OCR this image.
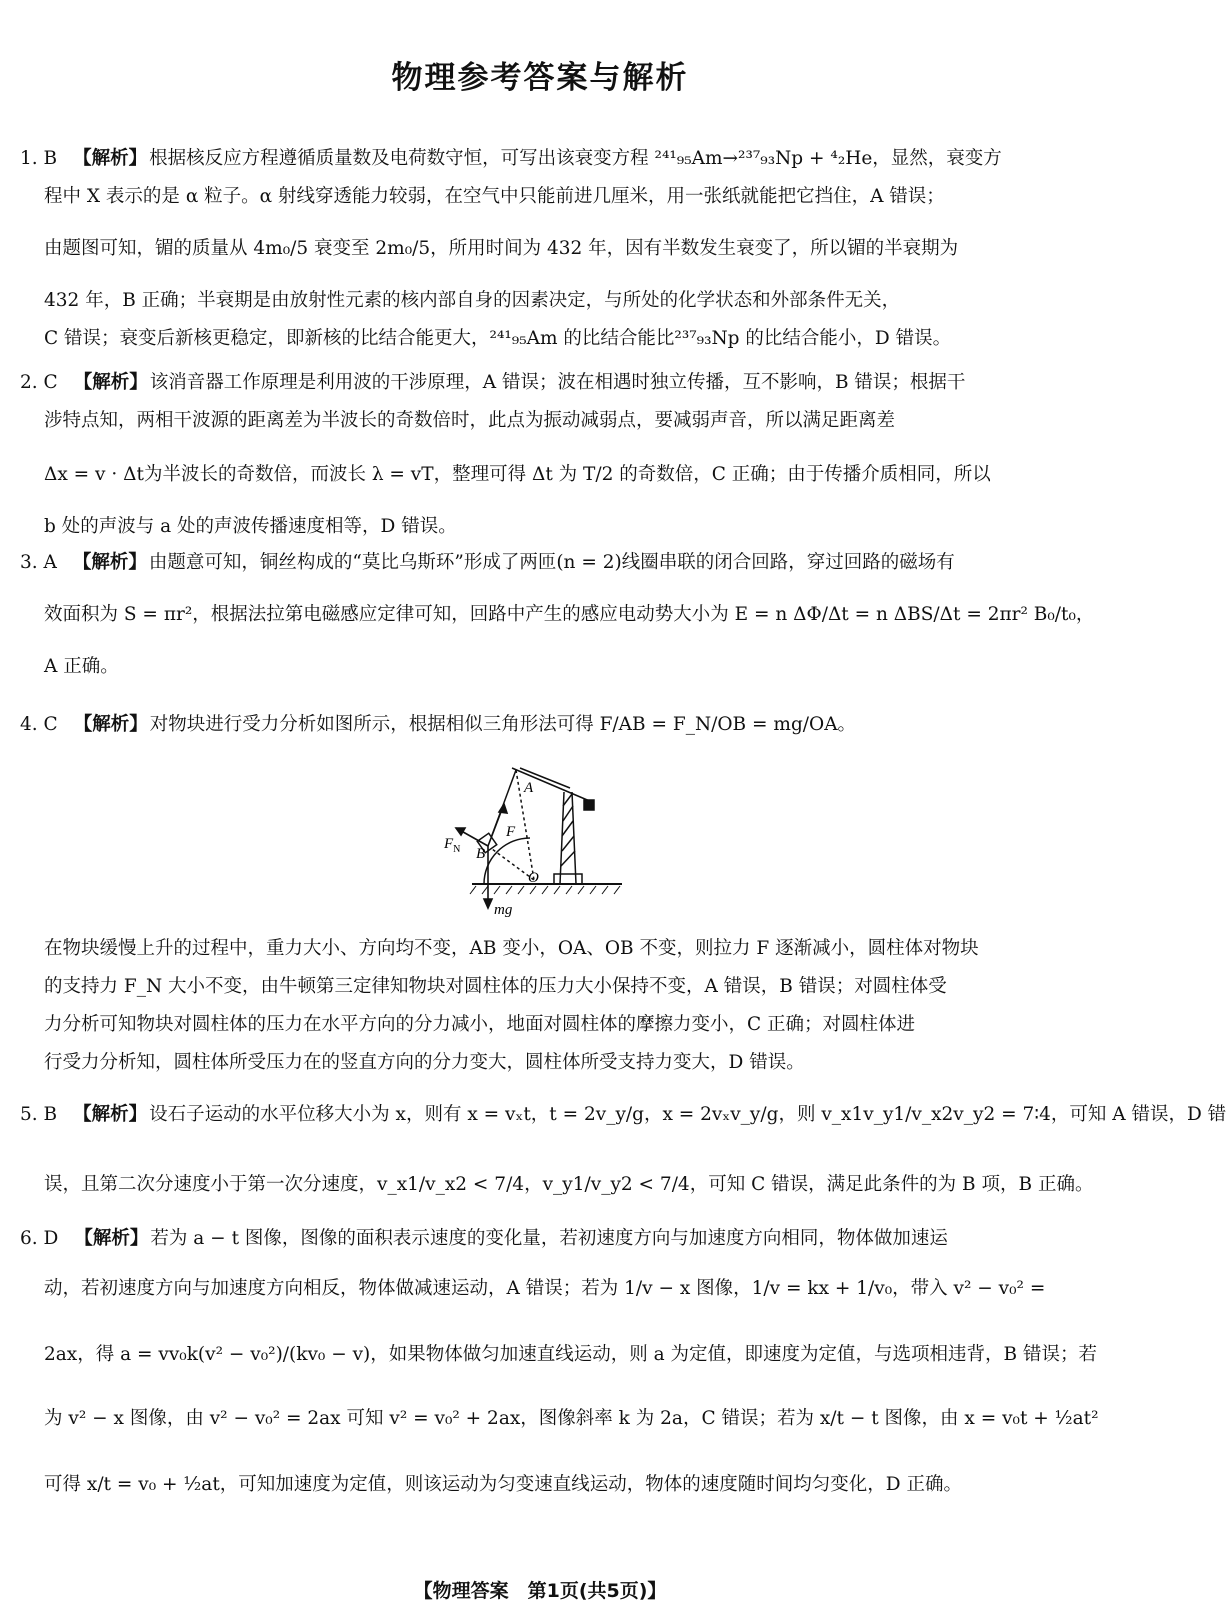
物理参考答案与解析
1. B 【解析】 根据核反应方程遵循质量数及电荷数守恒，可写出该衰变方程 ²⁴¹₉₅Am→²³⁷₉₃Np + ⁴₂He，显然，衰变方
程中 X 表示的是 α 粒子。α 射线穿透能力较弱，在空气中只能前进几厘米，用一张纸就能把它挡住，A 错误；
由题图可知，镅的质量从 4m₀/5 衰变至 2m₀/5，所用时间为 432 年，因有半数发生衰变了，所以镅的半衰期为
432 年，B 正确；半衰期是由放射性元素的核内部自身的因素决定，与所处的化学状态和外部条件无关，
C 错误；衰变后新核更稳定，即新核的比结合能更大，²⁴¹₉₅Am 的比结合能比²³⁷₉₃Np 的比结合能小，D 错误。
2. C 【解析】 该消音器工作原理是利用波的干涉原理，A 错误；波在相遇时独立传播，互不影响，B 错误；根据干
涉特点知，两相干波源的距离差为半波长的奇数倍时，此点为振动减弱点，要减弱声音，所以满足距离差
Δx = v · Δt为半波长的奇数倍，而波长 λ = vT，整理可得 Δt 为 T/2 的奇数倍，C 正确；由于传播介质相同，所以
b 处的声波与 a 处的声波传播速度相等，D 错误。
3. A 【解析】 由题意可知，铜丝构成的“莫比乌斯环”形成了两匝(n = 2)线圈串联的闭合回路，穿过回路的磁场有
效面积为 S = πr²，根据法拉第电磁感应定律可知，回路中产生的感应电动势大小为 E = n ΔΦ/Δt = n ΔBS/Δt = 2πr² B₀/t₀，
A 正确。
4. C 【解析】 对物块进行受力分析如图所示，根据相似三角形法可得 F/AB = F_N/OB = mg/OA。
A
B
O
F
$F_N$
mg
在物块缓慢上升的过程中，重力大小、方向均不变，AB 变小，OA、OB 不变，则拉力 F 逐渐减小，圆柱体对物块
的支持力 F_N 大小不变，由牛顿第三定律知物块对圆柱体的压力大小保持不变，A 错误，B 错误；对圆柱体受
力分析可知物块对圆柱体的压力在水平方向的分力减小，地面对圆柱体的摩擦力变小，C 正确；对圆柱体进
行受力分析知，圆柱体所受压力在的竖直方向的分力变大，圆柱体所受支持力变大，D 错误。
5. B 【解析】 设石子运动的水平位移大小为 x，则有 x = vₓt，t = 2v_y/g，x = 2vₓv_y/g，则 v_x1v_y1/v_x2v_y2 = 7∶4，可知 A 错误，D 错
误，且第二次分速度小于第一次分速度，v_x1/v_x2 < 7/4，v_y1/v_y2 < 7/4，可知 C 错误，满足此条件的为 B 项，B 正确。
6. D 【解析】 若为 a − t 图像，图像的面积表示速度的变化量，若初速度方向与加速度方向相同，物体做加速运
动，若初速度方向与加速度方向相反，物体做减速运动，A 错误；若为 1/v − x 图像，1/v = kx + 1/v₀，带入 v² − v₀² =
2ax，得 a = vv₀k(v² − v₀²)/(kv₀ − v)，如果物体做匀加速直线运动，则 a 为定值，即速度为定值，与选项相违背，B 错误；若
为 v² − x 图像，由 v² − v₀² = 2ax 可知 v² = v₀² + 2ax，图像斜率 k 为 2a，C 错误；若为 x/t − t 图像，由 x = v₀t + ½at²
可得 x/t = v₀ + ½at，可知加速度为定值，则该运动为匀变速直线运动，物体的速度随时间均匀变化，D 正确。
【物理答案　第1页(共5页)】
